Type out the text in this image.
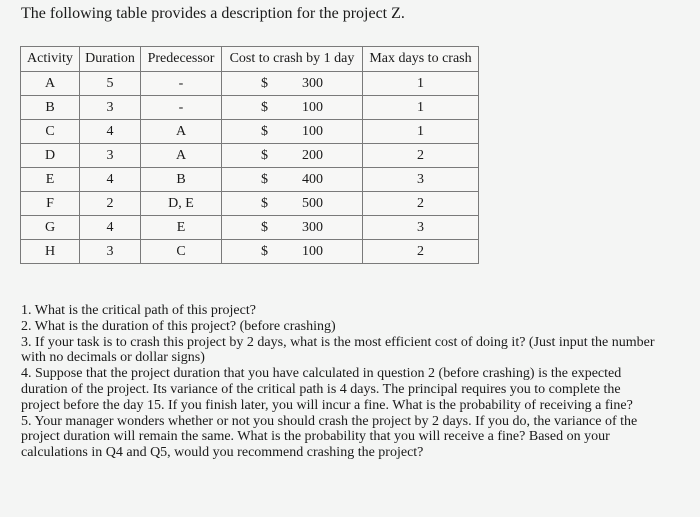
The following table provides a description for the project Z.

Activity	Duration	Predecessor	Cost to crash by 1 day	Max days to crash
A	5	-	$ 300	1
B	3	-	$ 100	1
C	4	A	$ 100	1
D	3	A	$ 200	2
E	4	B	$ 400	3
F	2	D, E	$ 500	2
G	4	E	$ 300	3
H	3	C	$ 100	2

1. What is the critical path of this project?

2. What is the duration of this project? (before crashing)

3. If your task is to crash this project by 2 days, what is the most efficient cost of doing it? (Just input the number with no decimals or dollar signs)

4. Suppose that the project duration that you have calculated in question 2 (before crashing) is the expected duration of the project. Its variance of the critical path is 4 days. The principal requires you to complete the project before the day 15. If you finish later, you will incur a fine. What is the probability of receiving a fine?

5. Your manager wonders whether or not you should crash the project by 2 days. If you do, the variance of the project duration will remain the same. What is the probability that you will receive a fine? Based on your calculations in Q4 and Q5, would you recommend crashing the project?
